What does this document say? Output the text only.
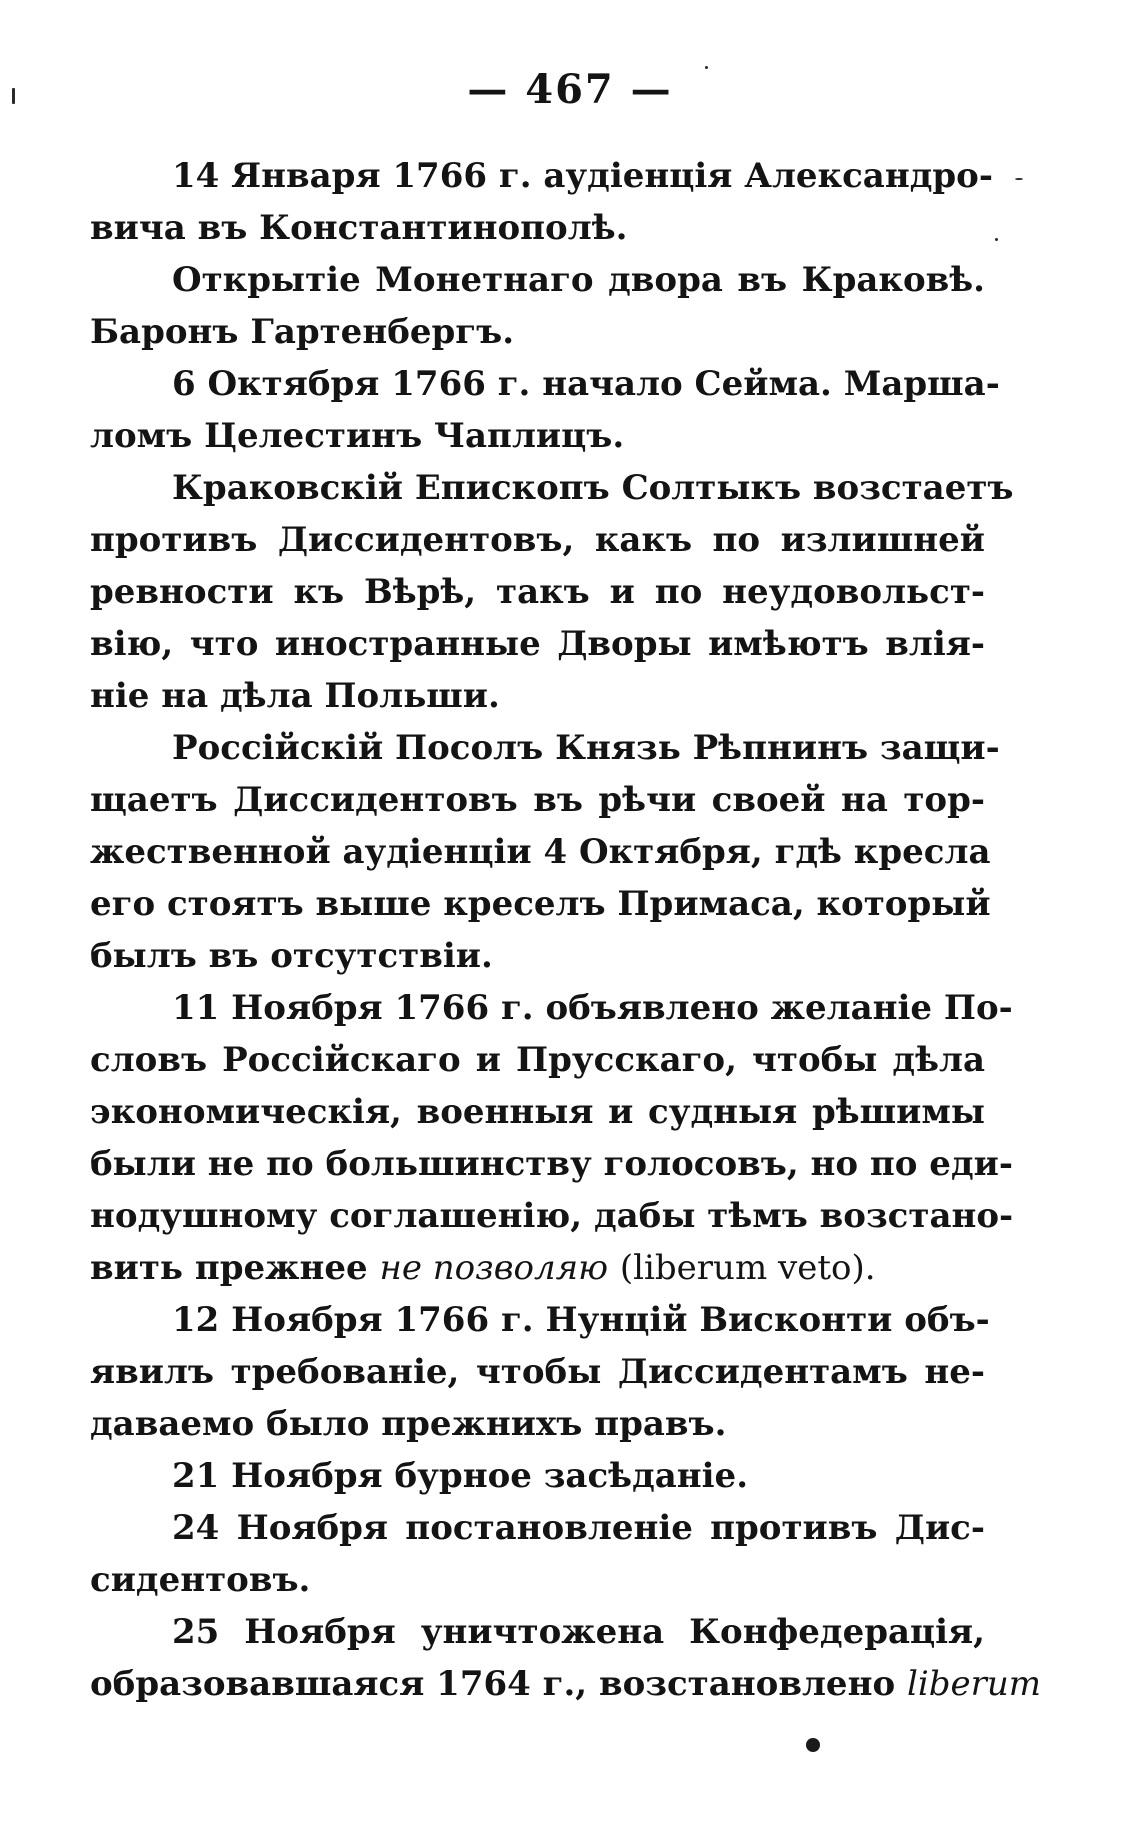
— 467 —
14 Января 1766 г. аудіенція Александро-
вича въ Константинополѣ.
Открытіе Монетнаго двора въ Краковѣ.
Баронъ Гартенбергъ.
6 Октября 1766 г. начало Сейма. Марша-
ломъ Целестинъ Чаплицъ.
Краковскій Епископъ Солтыкъ возстаетъ
противъ Диссидентовъ, какъ по излишней
ревности къ Вѣрѣ, такъ и по неудовольст-
вію, что иностранные Дворы имѣютъ влія-
ніе на дѣла Польши.
Россійскій Посолъ Князь Рѣпнинъ защи-
щаетъ Диссидентовъ въ рѣчи своей на тор-
жественной аудіенціи 4 Октября, гдѣ кресла
его стоятъ выше креселъ Примаса, который
былъ въ отсутствіи.
11 Ноября 1766 г. объявлено желаніе По-
словъ Россійскаго и Прусскаго, чтобы дѣла
экономическія, военныя и судныя рѣшимы
были не по большинству голосовъ, но по еди-
нодушному соглашенію, дабы тѣмъ возстано-
вить прежнее не позволяю (liberum veto).
12 Ноября 1766 г. Нунцій Висконти объ-
явилъ требованіе, чтобы Диссидентамъ не-
даваемо было прежнихъ правъ.
21 Ноября бурное засѣданіе.
24 Ноября постановленіе противъ Дис-
сидентовъ.
25 Ноября уничтожена Конфедерація,
образовавшаяся 1764 г., возстановлено liberum
